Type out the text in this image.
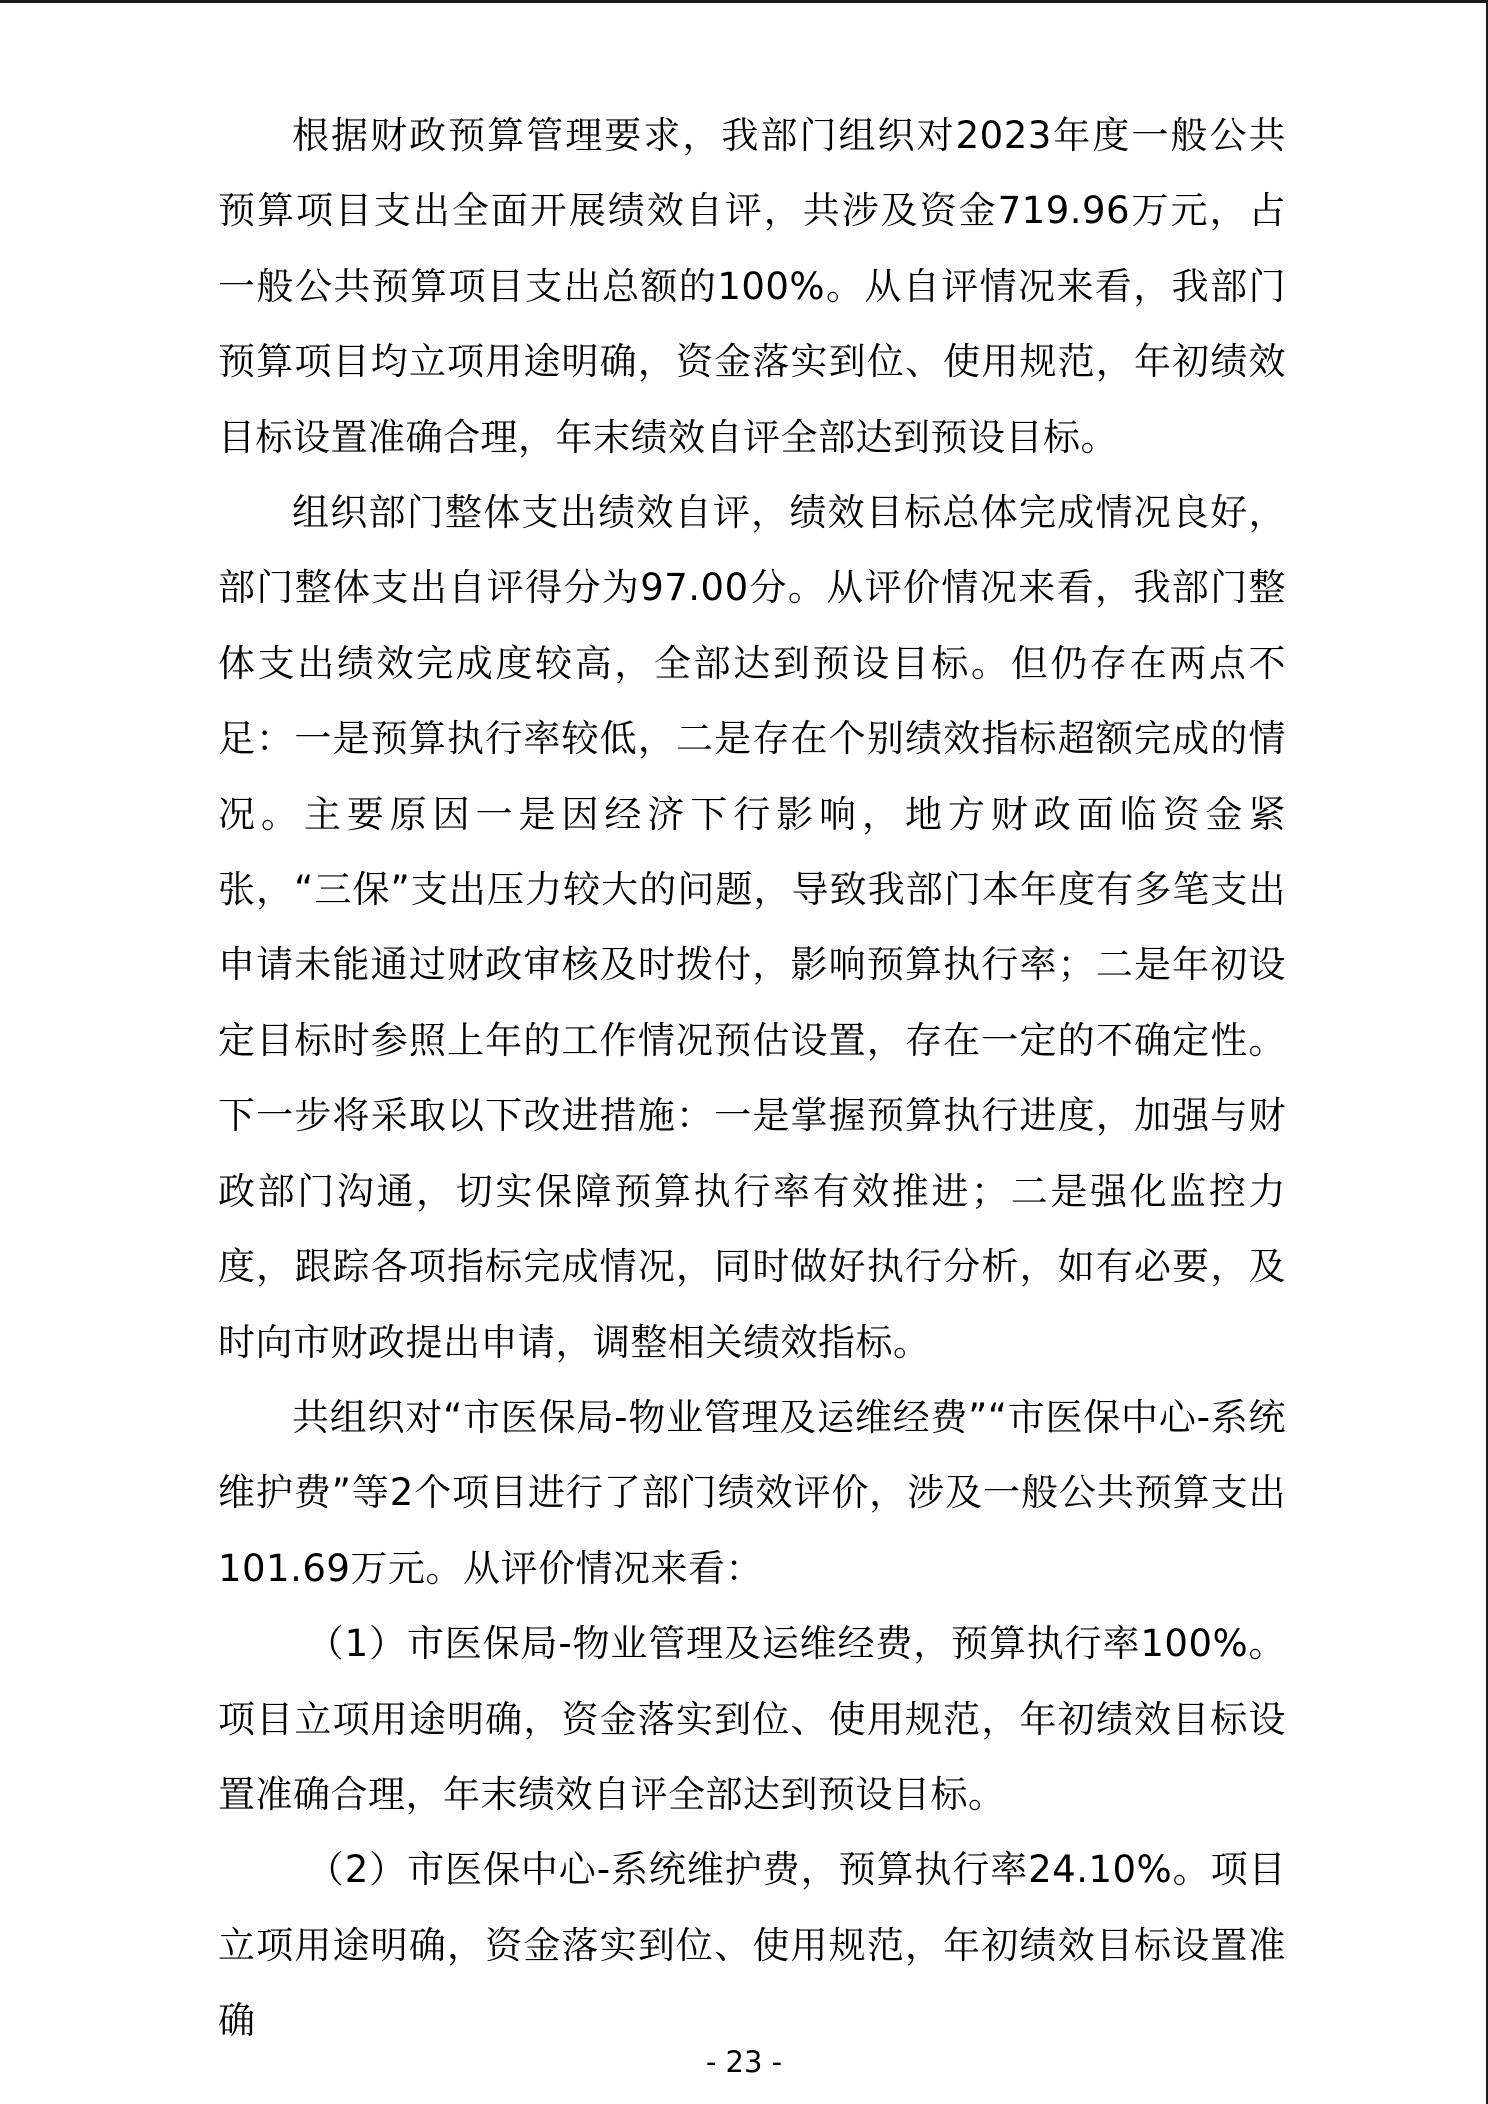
根据财政预算管理要求，我部门组织对2023年度一般公共预算项目支出全面开展绩效自评，共涉及资金719.96万元，占一般公共预算项目支出总额的100%。从自评情况来看，我部门预算项目均立项用途明确，资金落实到位、使用规范，年初绩效目标设置准确合理，年末绩效自评全部达到预设目标。

组织部门整体支出绩效自评，绩效目标总体完成情况良好，部门整体支出自评得分为97.00分。从评价情况来看，我部门整体支出绩效完成度较高，全部达到预设目标。但仍存在两点不足：一是预算执行率较低，二是存在个别绩效指标超额完成的情况。主要原因一是因经济下行影响，地方财政面临资金紧张，“三保”支出压力较大的问题，导致我部门本年度有多笔支出申请未能通过财政审核及时拨付，影响预算执行率；二是年初设定目标时参照上年的工作情况预估设置，存在一定的不确定性。下一步将采取以下改进措施：一是掌握预算执行进度，加强与财政部门沟通，切实保障预算执行率有效推进；二是强化监控力度，跟踪各项指标完成情况，同时做好执行分析，如有必要，及时向市财政提出申请，调整相关绩效指标。

共组织对“市医保局-物业管理及运维经费”“市医保中心-系统维护费”等2个项目进行了部门绩效评价，涉及一般公共预算支出101.69万元。从评价情况来看：

（1）市医保局-物业管理及运维经费，预算执行率100%。项目立项用途明确，资金落实到位、使用规范，年初绩效目标设置准确合理，年末绩效自评全部达到预设目标。

（2）市医保中心-系统维护费，预算执行率24.10%。项目立项用途明确，资金落实到位、使用规范，年初绩效目标设置准确

- 23 -
